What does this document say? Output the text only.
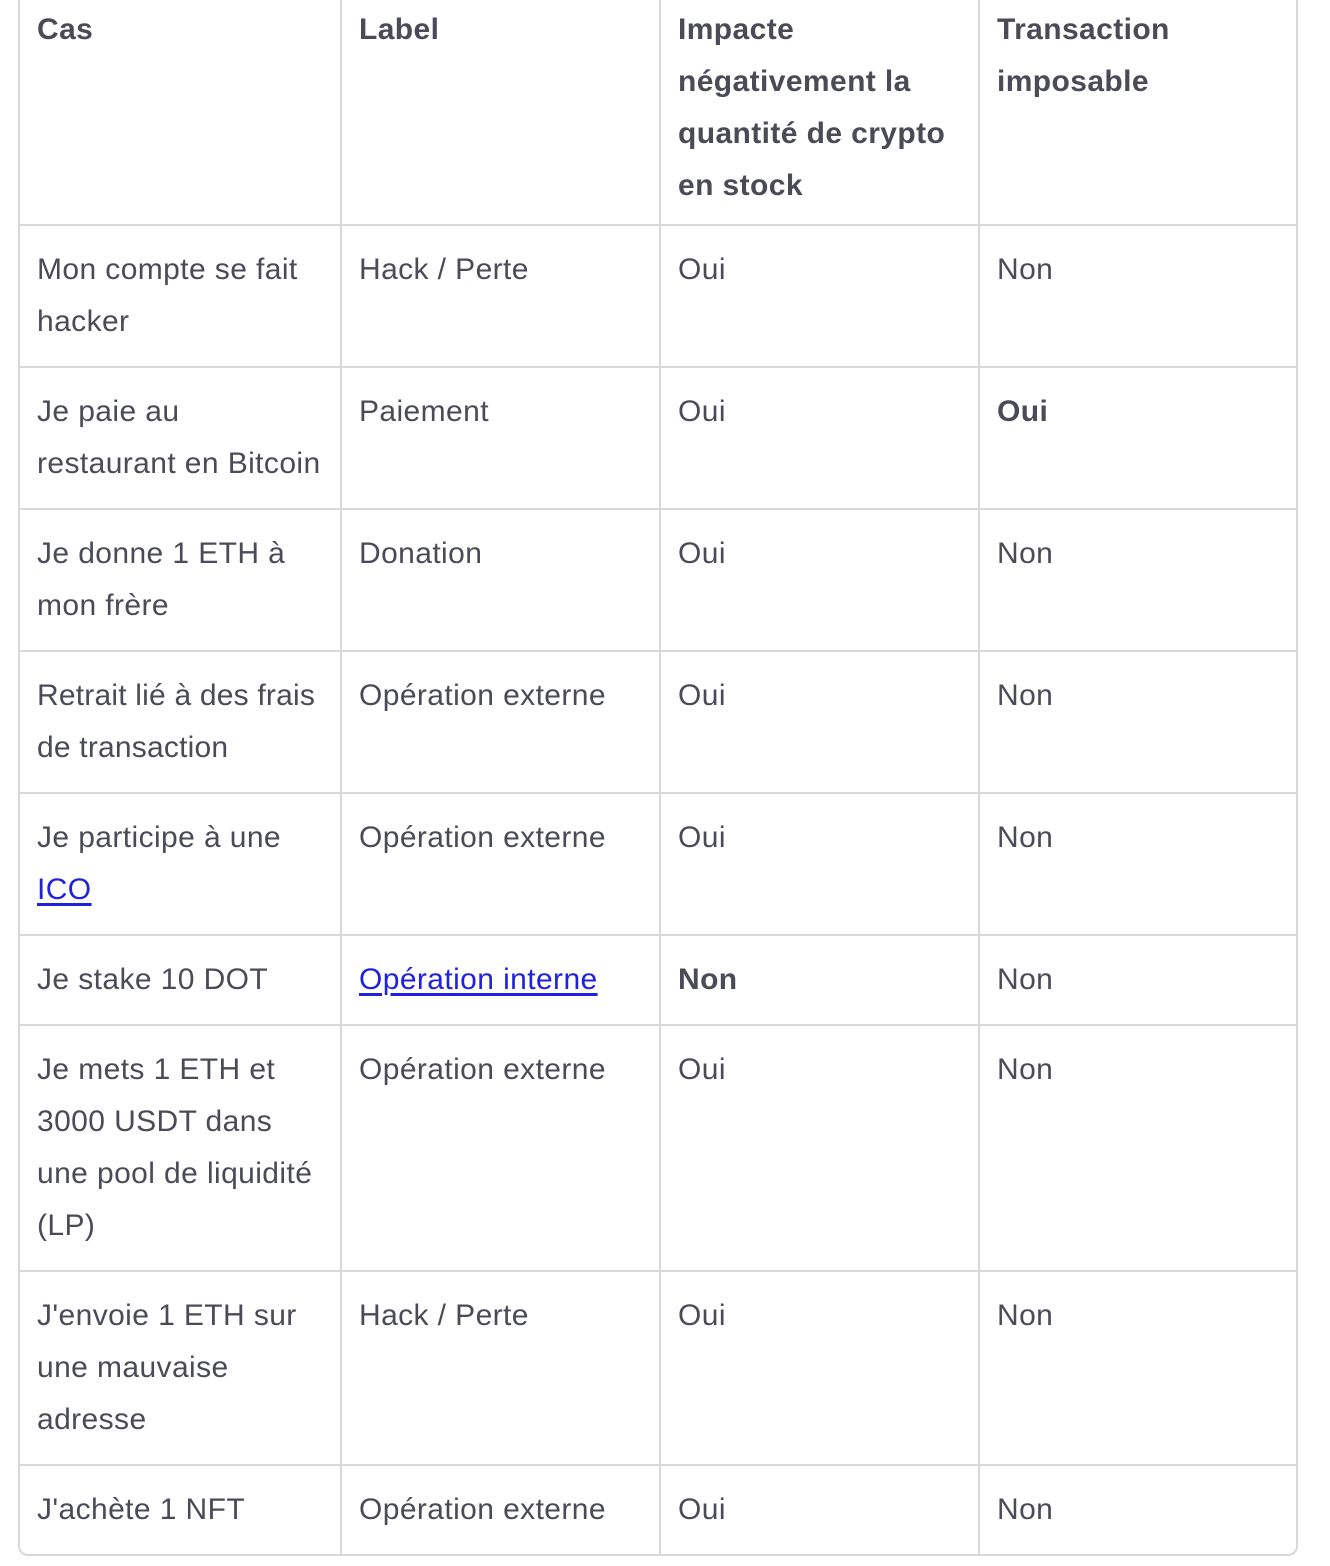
Cas	Label	Impacte négativement la quantité de crypto en stock	Transaction imposable
Mon compte se fait hacker	Hack / Perte	Oui	Non
Je paie au restaurant en Bitcoin	Paiement	Oui	Oui
Je donne 1 ETH à mon frère	Donation	Oui	Non
Retrait lié à des frais de transaction	Opération externe	Oui	Non
Je participe à une ICO	Opération externe	Oui	Non
Je stake 10 DOT	Opération interne	Non	Non
Je mets 1 ETH et 3000 USDT dans une pool de liquidité (LP)	Opération externe	Oui	Non
J'envoie 1 ETH sur une mauvaise adresse	Hack / Perte	Oui	Non
J'achète 1 NFT	Opération externe	Oui	Non
